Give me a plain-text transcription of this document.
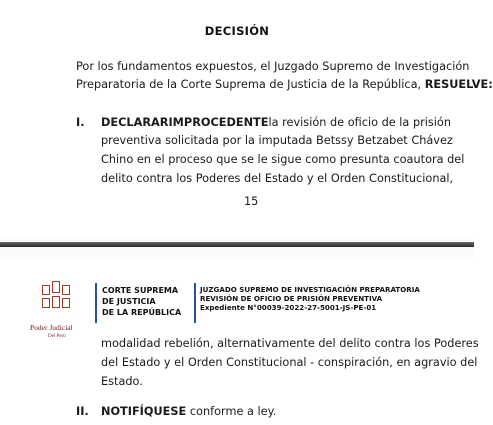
DECISIÓN
Por los fundamentos expuestos, el Juzgado Supremo de Investigación
Preparatoria de la Corte Suprema de Justicia de la República, RESUELVE:
I. DECLARAR IMPROCEDENTE la revisión de oficio de la prisión
preventiva solicitada por la imputada Betssy Betzabet Chávez
Chino en el proceso que se le sigue como presunta coautora del
delito contra los Poderes del Estado y el Orden Constitucional,
15
Poder Judicial
Del Perú
CORTE SUPREMA
DE JUSTICIA
DE LA REPÚBLICA
JUZGADO SUPREMO DE INVESTIGACIÓN PREPARATORIA
REVISIÓN DE OFICIO DE PRISIÓN PREVENTIVA
Expediente N°00039-2022-27-5001-JS-PE-01
modalidad rebelión, alternativamente del delito contra los Poderes
del Estado y el Orden Constitucional - conspiración, en agravio del
Estado.
II. NOTIFÍQUESE conforme a ley.
